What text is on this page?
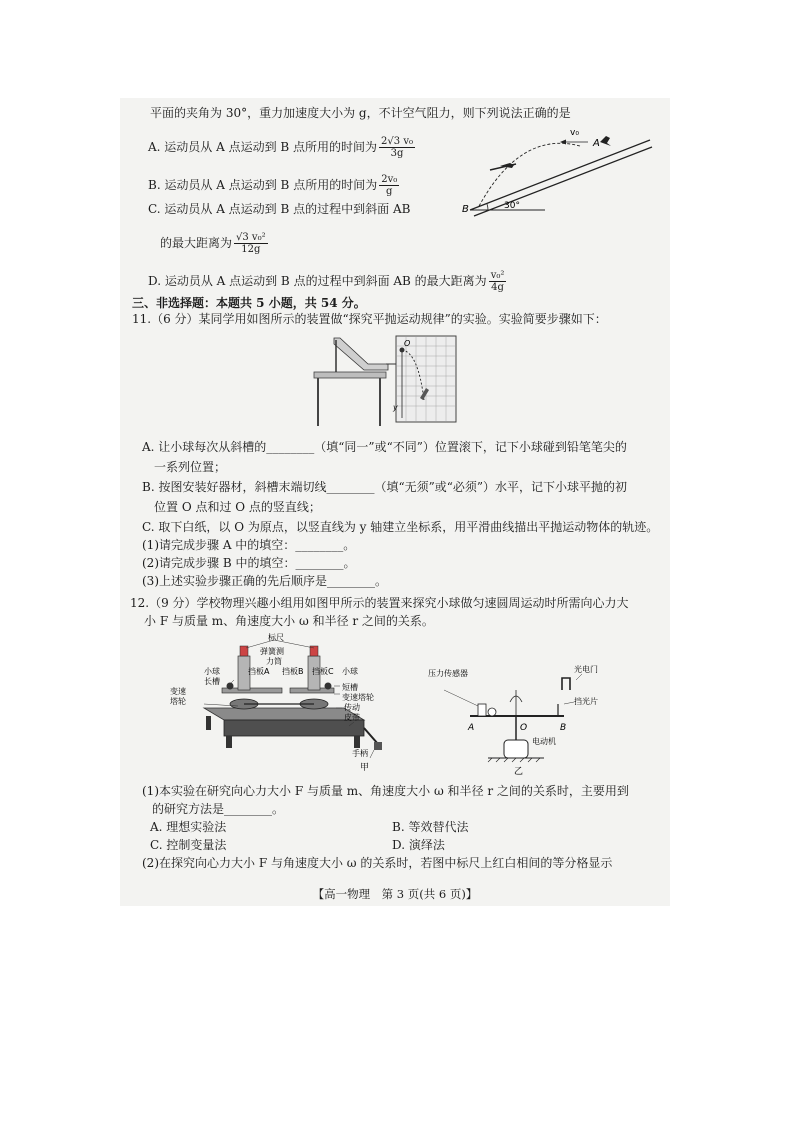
平面的夹角为 30°，重力加速度大小为 g，不计空气阻力，则下列说法正确的是
A. 运动员从 A 点运动到 B 点所用的时间为 $\frac{\text{2√3 v₀}}{3g}$
B. 运动员从 A 点运动到 B 点所用的时间为 $\frac{\text{2v₀}}{g}$
C. 运动员从 A 点运动到 B 点的过程中到斜面 AB
的最大距离为 $\frac{\text{√3 v₀²}}{12g}$
D. 运动员从 A 点运动到 B 点的过程中到斜面 AB 的最大距离为 $\frac{\text{v₀²}}{4g}$
v₀
A
B	30°
三、非选择题：本题共 5 小题，共 54 分。
11.（6 分）某同学用如图所示的装置做“探究平抛运动规律”的实验。实验简要步骤如下：
O
y
A. 让小球每次从斜槽的________（填“同一”或“不同”）位置滚下，记下小球碰到铅笔笔尖的
一系列位置；
B. 按图安装好器材，斜槽末端切线________（填“无须”或“必须”）水平，记下小球平抛的初
位置 O 点和过 O 点的竖直线；
C. 取下白纸，以 O 为原点，以竖直线为 y 轴建立坐标系，用平滑曲线描出平抛运动物体的轨迹。
(1)请完成步骤 A 中的填空：________。
(2)请完成步骤 B 中的填空：________。
(3)上述实验步骤正确的先后顺序是________。
12.（9 分）学校物理兴趣小组用如图甲所示的装置来探究小球做匀速圆周运动时所需向心力大
小 F 与质量 m、角速度大小 ω 和半径 r 之间的关系。
标尺
弹簧测
力筒
小球
长槽
挡板A 挡板B 挡板C 小球
变速
塔轮
短槽
变速塔轮
传动
皮带
手柄
甲
压力传感器	光电门
挡光片
A	B
O
电动机
乙
(1)本实验在研究向心力大小 F 与质量 m、角速度大小 ω 和半径 r 之间的关系时，主要用到
的研究方法是________。
A. 理想实验法	B. 等效替代法
C. 控制变量法	D. 演绎法
(2)在探究向心力大小 F 与角速度大小 ω 的关系时，若图中标尺上红白相间的等分格显示
【高一物理　第 3 页(共 6 页)】
